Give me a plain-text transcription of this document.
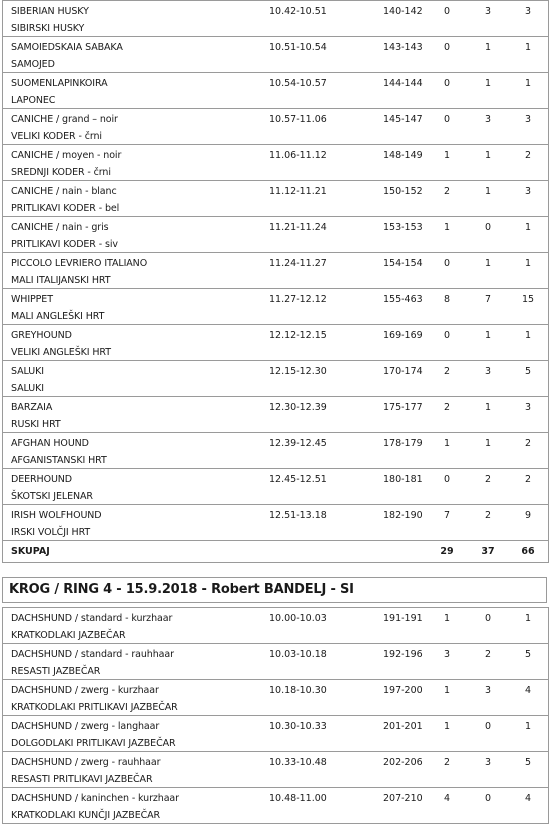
SIBERIAN HUSKY
SIBIRSKI HUSKY
10.42-10.51	140-142	0	3	3
SAMOIEDSKAIA SABAKA
SAMOJED
10.51-10.54	143-143	0	1	1
SUOMENLAPINKOIRA
LAPONEC
10.54-10.57	144-144	0	1	1
CANICHE / grand – noir
VELIKI KODER - črni
10.57-11.06	145-147	0	3	3
CANICHE / moyen - noir
SREDNJI KODER - črni
11.06-11.12	148-149	1	1	2
CANICHE / nain - blanc
PRITLIKAVI KODER - bel
11.12-11.21	150-152	2	1	3
CANICHE / nain - gris
PRITLIKAVI KODER - siv
11.21-11.24	153-153	1	0	1
PICCOLO LEVRIERO ITALIANO
MALI ITALIJANSKI HRT
11.24-11.27	154-154	0	1	1
WHIPPET
MALI ANGLEŠKI HRT
11.27-12.12	155-463	8	7	15
GREYHOUND
VELIKI ANGLEŠKI HRT
12.12-12.15	169-169	0	1	1
SALUKI
SALUKI
12.15-12.30	170-174	2	3	5
BARZAIA
RUSKI HRT
12.30-12.39	175-177	2	1	3
AFGHAN HOUND
AFGANISTANSKI HRT
12.39-12.45	178-179	1	1	2
DEERHOUND
ŠKOTSKI JELENAR
12.45-12.51	180-181	0	2	2
IRISH WOLFHOUND
IRSKI VOLČJI HRT
12.51-13.18	182-190	7	2	9
SKUPAJ	29	37	66
KROG / RING 4 - 15.9.2018 - Robert BANDELJ - SI
DACHSHUND / standard - kurzhaar
KRATKODLAKI JAZBEČAR
10.00-10.03	191-191	1	0	1
DACHSHUND / standard - rauhhaar
RESASTI JAZBEČAR
10.03-10.18	192-196	3	2	5
DACHSHUND / zwerg - kurzhaar
KRATKODLAKI PRITLIKAVI JAZBEČAR
10.18-10.30	197-200	1	3	4
DACHSHUND / zwerg - langhaar
DOLGODLAKI PRITLIKAVI JAZBEČAR
10.30-10.33	201-201	1	0	1
DACHSHUND / zwerg - rauhhaar
RESASTI PRITLIKAVI JAZBEČAR
10.33-10.48	202-206	2	3	5
DACHSHUND / kaninchen - kurzhaar
KRATKODLAKI KUNČJI JAZBEČAR
10.48-11.00	207-210	4	0	4
